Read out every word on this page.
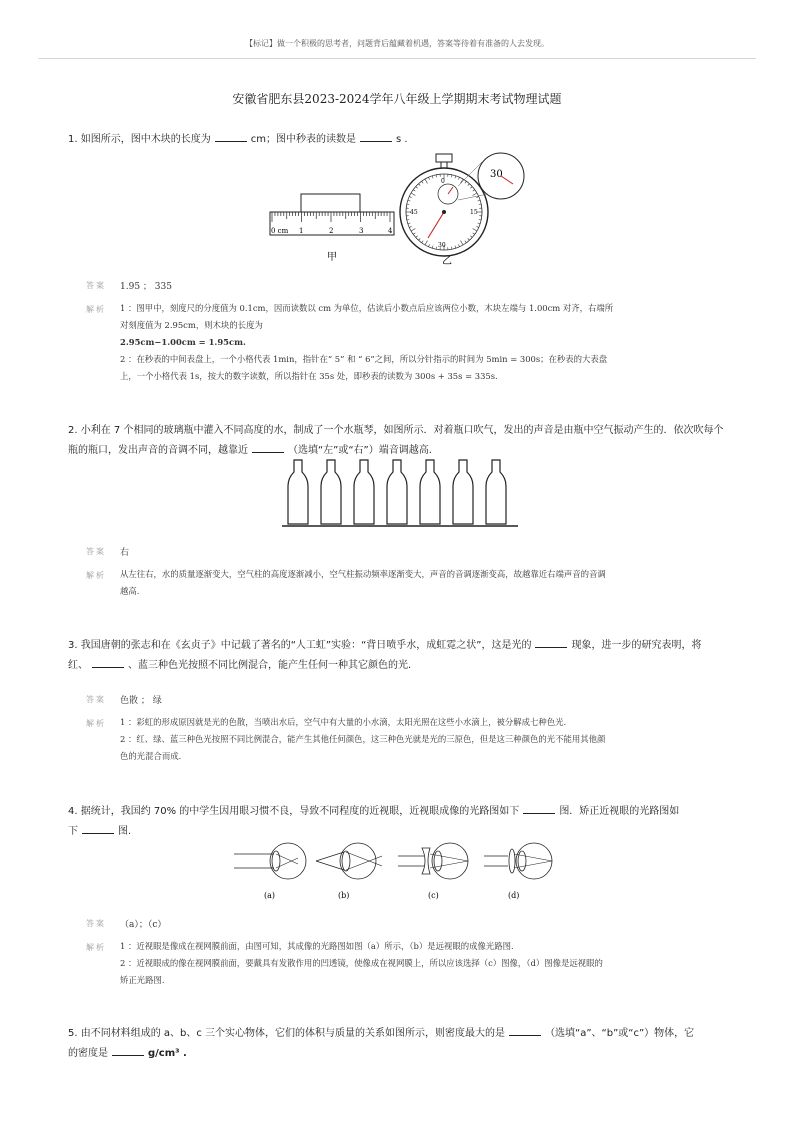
【标记】做一个积极的思考者，问题背后蕴藏着机遇，答案等待着有准备的人去发现。
安徽省肥东县2023-2024学年八年级上学期期末考试物理试题
1. 如图所示，图中木块的长度为	cm；图中秒表的读数是	s .
0 cm 1	2	3	4
甲
0
30
15
45
30
乙
答案 1.95 ； 335
解析 1 ：图甲中，刻度尺的分度值为 0.1cm，因而读数以 cm 为单位，估读后小数点后应该两位小数，木块左端与 1.00cm 对齐，右端所
对刻度值为 2.95cm，则木块的长度为
2.95cm−1.00cm = 1.95cm.
2 ：在秒表的中间表盘上，一个小格代表 1min，指针在“ 5” 和 “ 6”之间，所以分针指示的时间为 5min = 300s；在秒表的大表盘
上，一个小格代表 1s，按大的数字读数，所以指针在 35s 处，即秒表的读数为 300s + 35s = 335s.
2. 小利在 7 个相同的玻璃瓶中灌入不同高度的水，制成了一个水瓶琴，如图所示．对着瓶口吹气，发出的声音是由瓶中空气振动产生的．依次吹每个
瓶的瓶口，发出声音的音调不同，越靠近	（选填“左”或“右”）端音调越高.
答案 右
解析 从左往右，水的质量逐渐变大，空气柱的高度逐渐减小，空气柱振动频率逐渐变大，声音的音调逐渐变高，故越靠近右端声音的音调
越高.
3. 我国唐朝的张志和在《玄贞子》中记载了著名的“人工虹”实验：“背日喷乎水，成虹霓之状”，这是光的	现象，进一步的研究表明，将
红、	、蓝三种色光按照不同比例混合，能产生任何一种其它颜色的光.
答案 色散 ； 绿
解析 1 ：彩虹的形成原因就是光的色散，当喷出水后，空气中有大量的小水滴，太阳光照在这些小水滴上，被分解成七种色光.
2 ：红、绿、蓝三种色光按照不同比例混合，能产生其他任何颜色，这三种色光就是光的三原色，但是这三种颜色的光不能用其他颜
色的光混合而成.
4. 据统计，我国约 70% 的中学生因用眼习惯不良，导致不同程度的近视眼，近视眼成像的光路图如下	图．矫正近视眼的光路图如
下	图.
(a)	(b)	(c)	(d)
答案 （a）；（c）
解析 1 ：近视眼是像成在视网膜前面，由图可知，其成像的光路图如图（a）所示，（b）是远视眼的成像光路图.
2 ：近视眼成的像在视网膜前面，要戴具有发散作用的凹透镜，使像成在视网膜上，所以应该选择（c）图像，（d）图像是远视眼的
矫正光路图.
5. 由不同材料组成的 a、b、c 三个实心物体，它们的体积与质量的关系如图所示，则密度最大的是	（选填“a”、“b”或“c”）物体，它
的密度是	g/cm³ .
